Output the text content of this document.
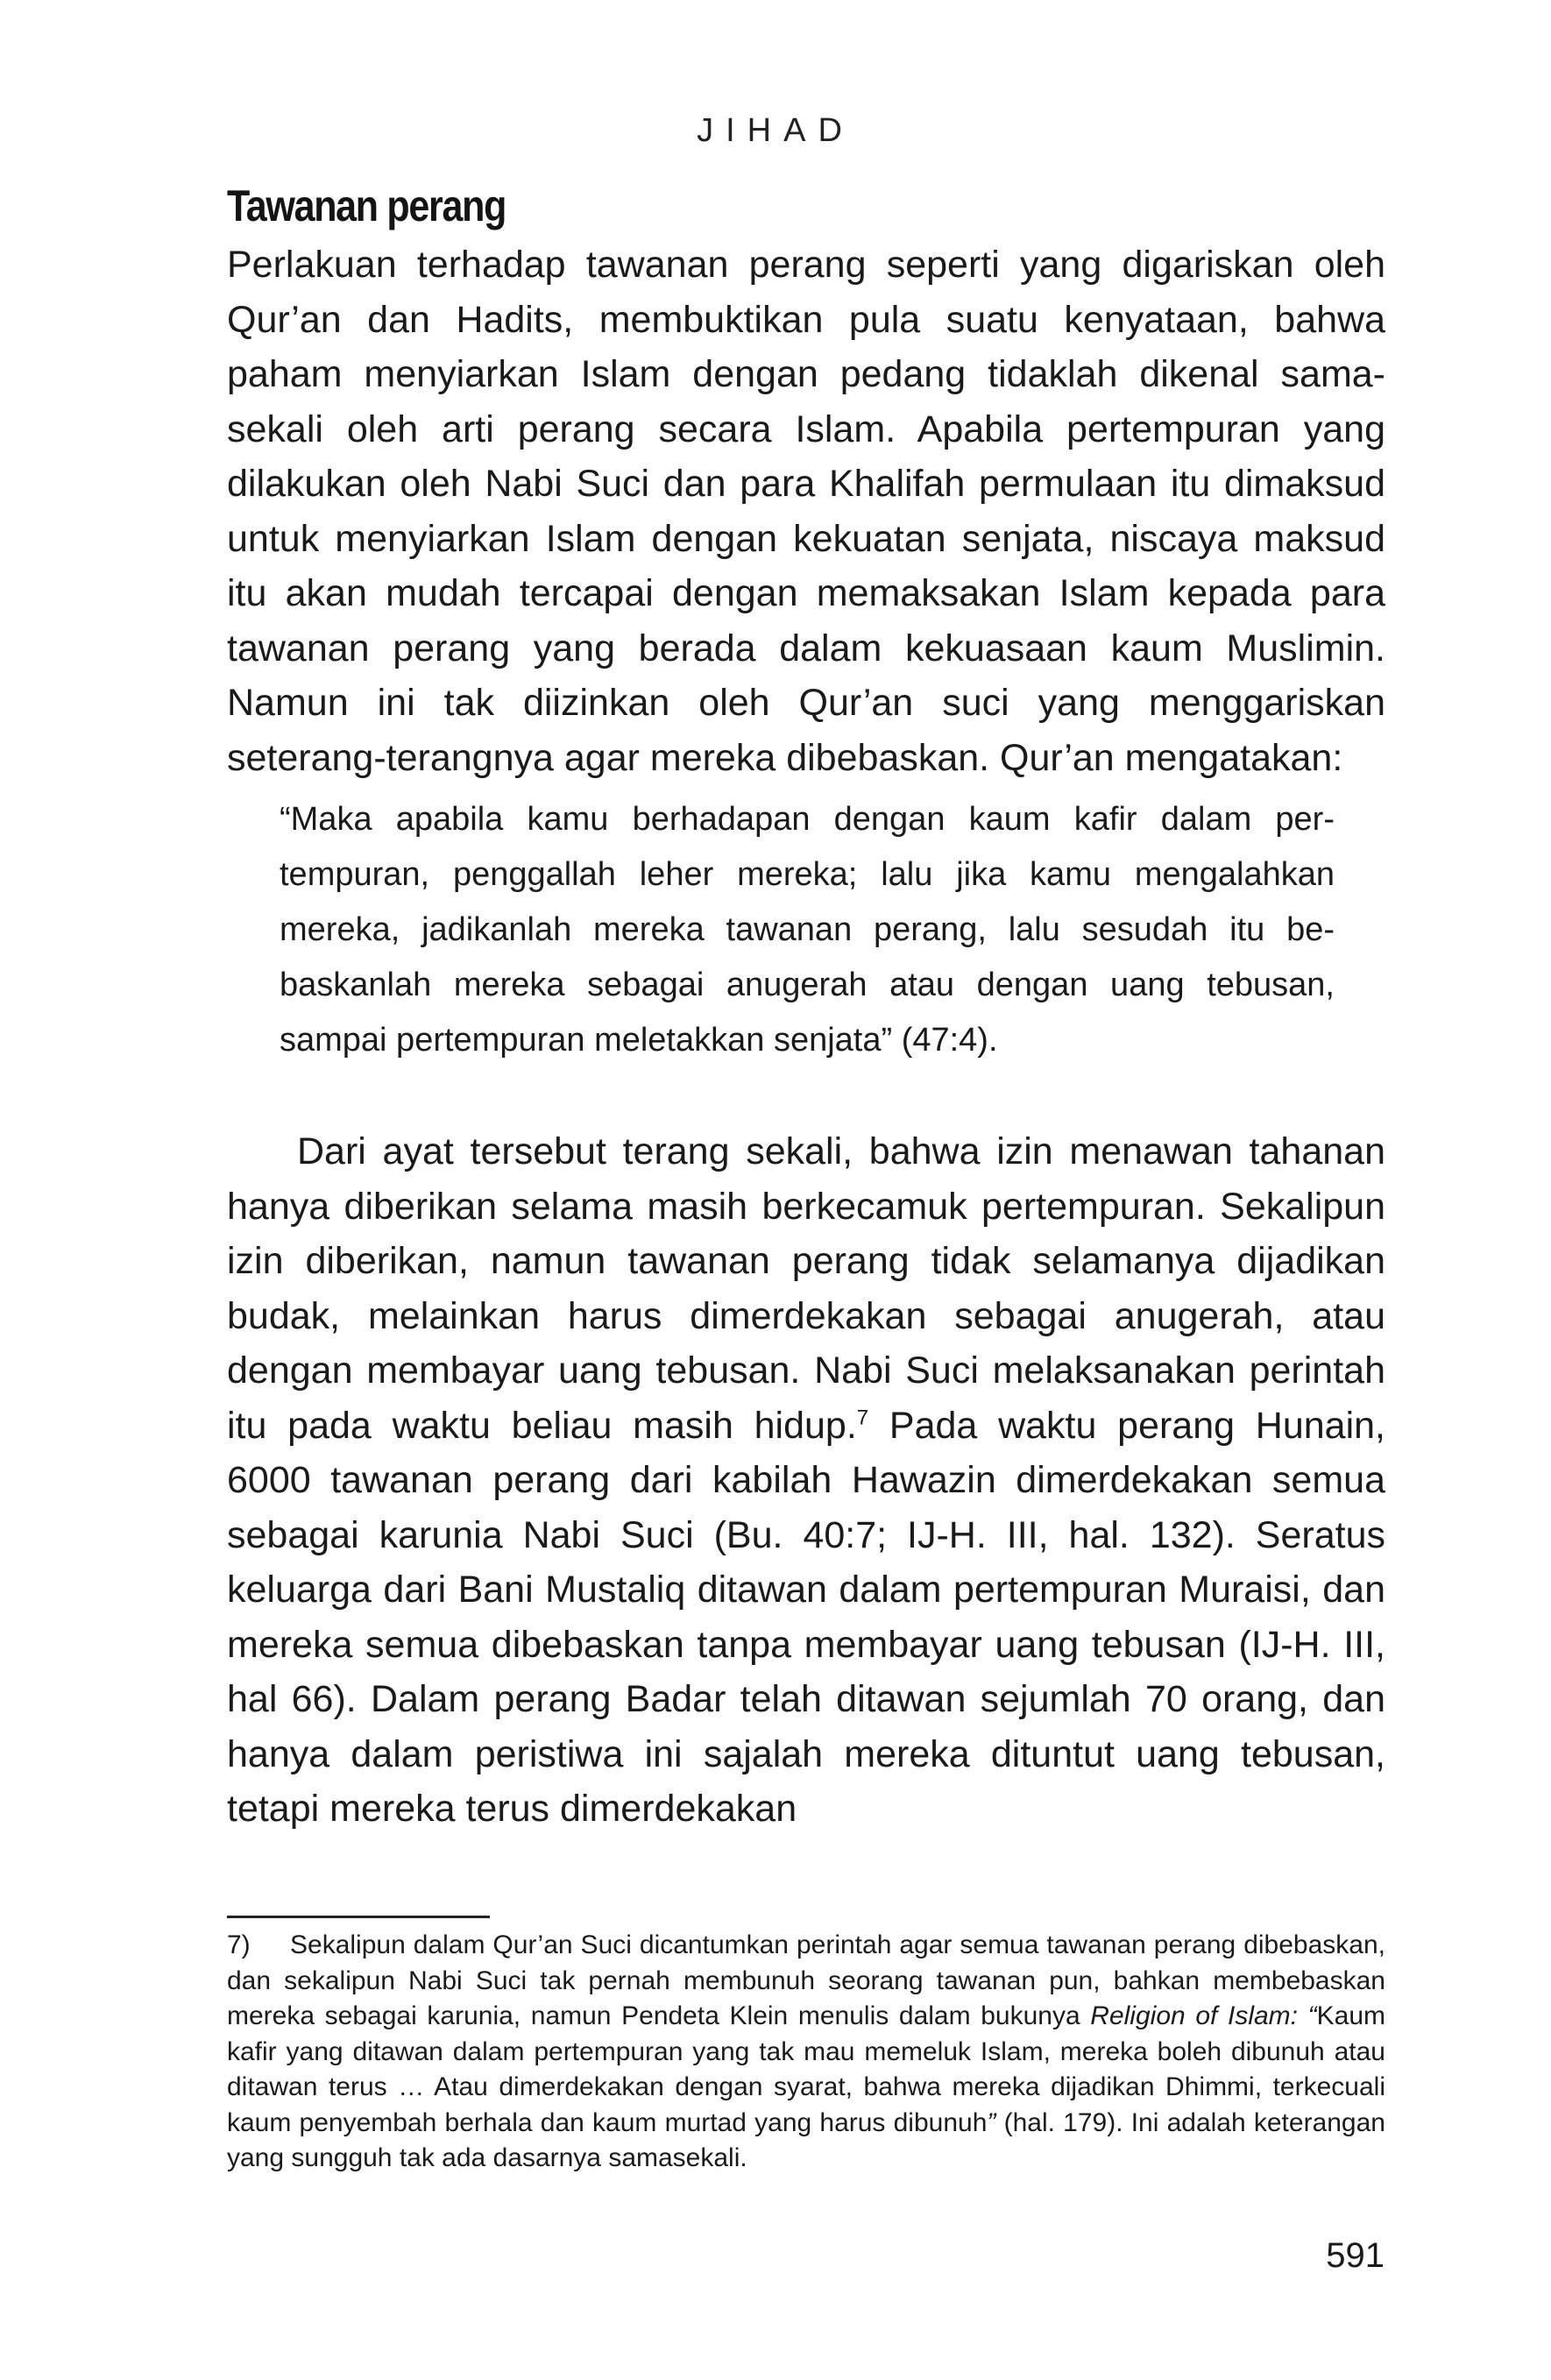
JIHAD
Tawanan perang

Perlakuan terhadap tawanan perang seperti yang digariskan oleh Qur’an dan Hadits, membuktikan pula suatu kenyataan, bahwa paham menyiarkan Islam dengan pedang tidaklah dikenal samasekali oleh arti perang secara Islam. Apabila pertempuran yang dilakukan oleh Nabi Suci dan para Khalifah permulaan itu dimaksud untuk menyiarkan Islam dengan kekuatan senjata, niscaya maksud itu akan mudah tercapai dengan memaksakan Islam kepada para tawanan perang yang berada dalam kekuasaan kaum Muslimin. Namun ini tak diizinkan oleh Qur’an suci yang menggariskan seterang-terangnya agar mereka dibebaskan. Qur’an mengatakan:

“Maka apabila kamu berhadapan dengan kaum kafir dalam pertempuran, penggallah leher mereka; lalu jika kamu mengalahkan mereka, jadikanlah mereka tawanan perang, lalu sesudah itu bebaskanlah mereka sebagai anugerah atau dengan uang tebusan, sampai pertempuran meletakkan senjata” (47:4).

Dari ayat tersebut terang sekali, bahwa izin menawan tahanan hanya diberikan selama masih berkecamuk pertempuran. Sekalipun izin diberikan, namun tawanan perang tidak selamanya dijadikan budak, melainkan harus dimerdekakan sebagai anugerah, atau dengan membayar uang tebusan. Nabi Suci melaksanakan perintah itu pada waktu beliau masih hidup.$^7$ Pada waktu perang Hunain, 6000 tawanan perang dari kabilah Hawazin dimerdekakan semua sebagai karunia Nabi Suci (Bu. 40:7; IJ-H. III, hal. 132). Seratus keluarga dari Bani Mustaliq ditawan dalam pertempuran Muraisi, dan mereka semua dibebaskan tanpa membayar uang tebusan (IJ-H. III, hal 66). Dalam perang Badar telah ditawan sejumlah 70 orang, dan hanya dalam peristiwa ini sajalah mereka dituntut uang tebusan, tetapi mereka terus dimerdekakan

7) Sekalipun dalam Qur’an Suci dicantumkan perintah agar semua tawanan perang dibebaskan, dan sekalipun Nabi Suci tak pernah membunuh seorang tawanan pun, bahkan membebaskan mereka sebagai karunia, namun Pendeta Klein menulis dalam bukunya Religion of Islam: “Kaum kafir yang ditawan dalam pertempuran yang tak mau memeluk Islam, mereka boleh dibunuh atau ditawan terus … Atau dimerdekakan dengan syarat, bahwa mereka dijadikan Dhimmi, terkecuali kaum penyembah berhala dan kaum murtad yang harus dibunuh” (hal. 179). Ini adalah keterangan yang sungguh tak ada dasarnya samasekali.
591
